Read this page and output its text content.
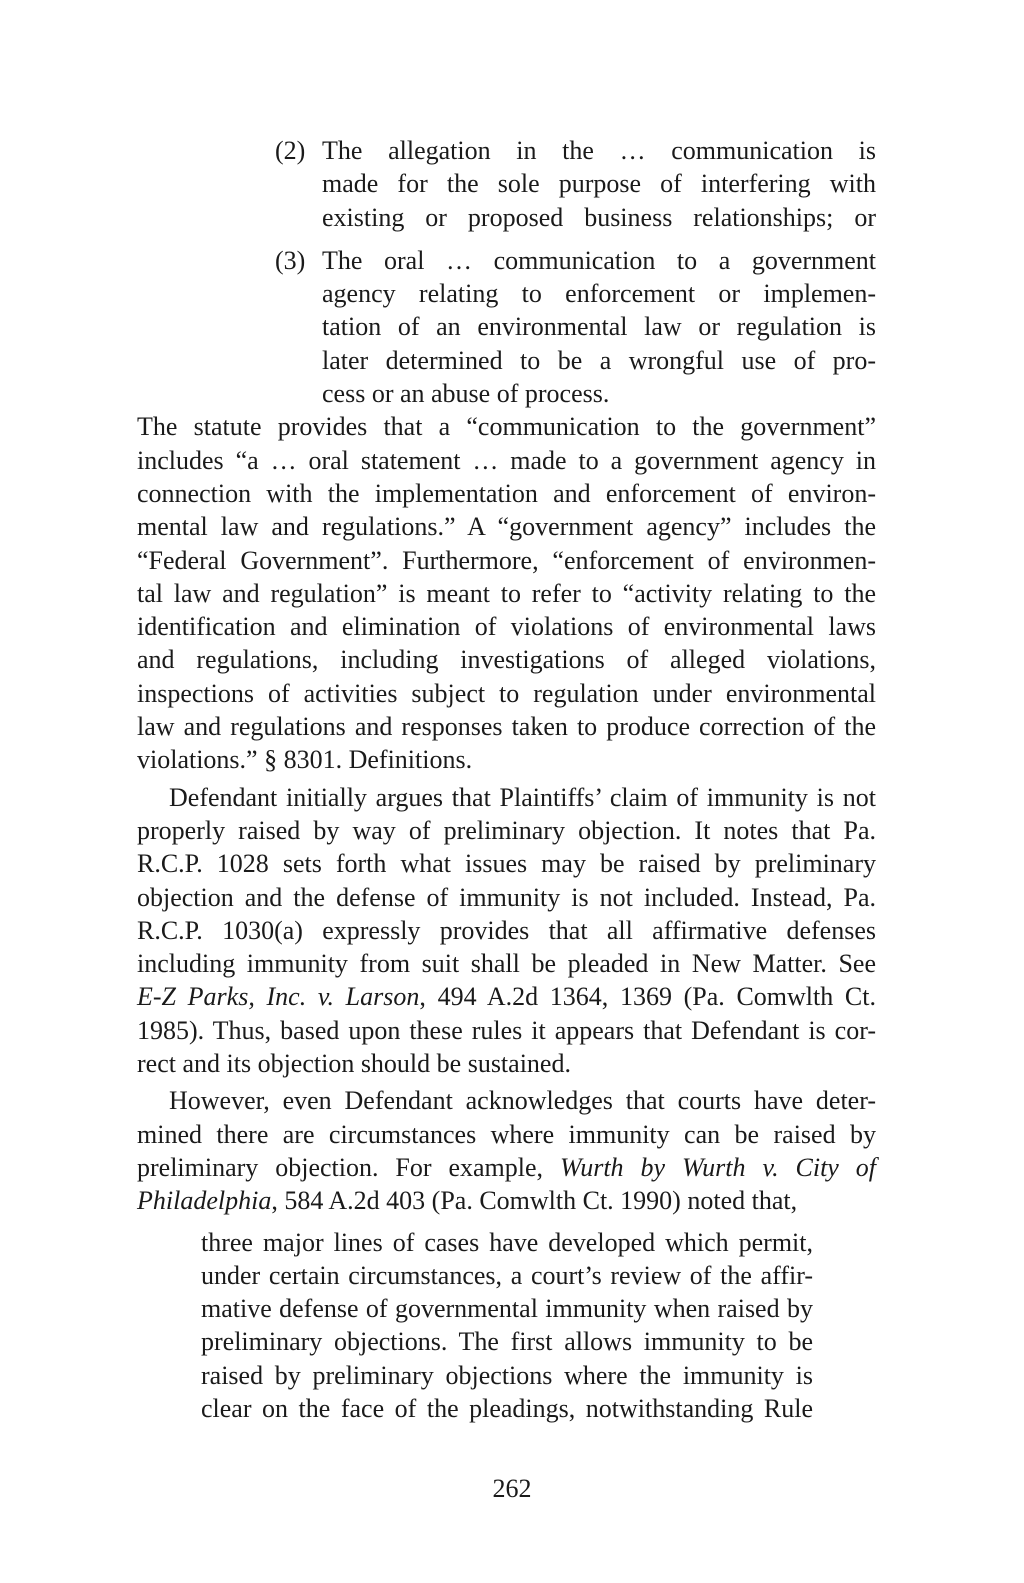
(2) The allegation in the … communication is
made for the sole purpose of interfering with
existing or proposed business relationships; or
(3) The oral … communication to a government
agency relating to enforcement or implemen-
tation of an environmental law or regulation is
later determined to be a wrongful use of pro-
cess or an abuse of process.
The statute provides that a “communication to the government”
includes “a … oral statement … made to a government agency in
connection with the implementation and enforcement of environ-
mental law and regulations.” A “government agency” includes the
“Federal Government”. Furthermore, “enforcement of environmen-
tal law and regulation” is meant to refer to “activity relating to the
identification and elimination of violations of environmental laws
and regulations, including investigations of alleged violations,
inspections of activities subject to regulation under environmental
law and regulations and responses taken to produce correction of the
violations.” § 8301. Definitions.
Defendant initially argues that Plaintiffs’ claim of immunity is not
properly raised by way of preliminary objection. It notes that Pa.
R.C.P. 1028 sets forth what issues may be raised by preliminary
objection and the defense of immunity is not included. Instead, Pa.
R.C.P. 1030(a) expressly provides that all affirmative defenses
including immunity from suit shall be pleaded in New Matter. See
E-Z Parks, Inc. v. Larson, 494 A.2d 1364, 1369 (Pa. Comwlth Ct.
1985). Thus, based upon these rules it appears that Defendant is cor-
rect and its objection should be sustained.
However, even Defendant acknowledges that courts have deter-
mined there are circumstances where immunity can be raised by
preliminary objection. For example, Wurth by Wurth v. City of
Philadelphia, 584 A.2d 403 (Pa. Comwlth Ct. 1990) noted that,
three major lines of cases have developed which permit,
under certain circumstances, a court’s review of the affir-
mative defense of governmental immunity when raised by
preliminary objections. The first allows immunity to be
raised by preliminary objections where the immunity is
clear on the face of the pleadings, notwithstanding Rule
262
